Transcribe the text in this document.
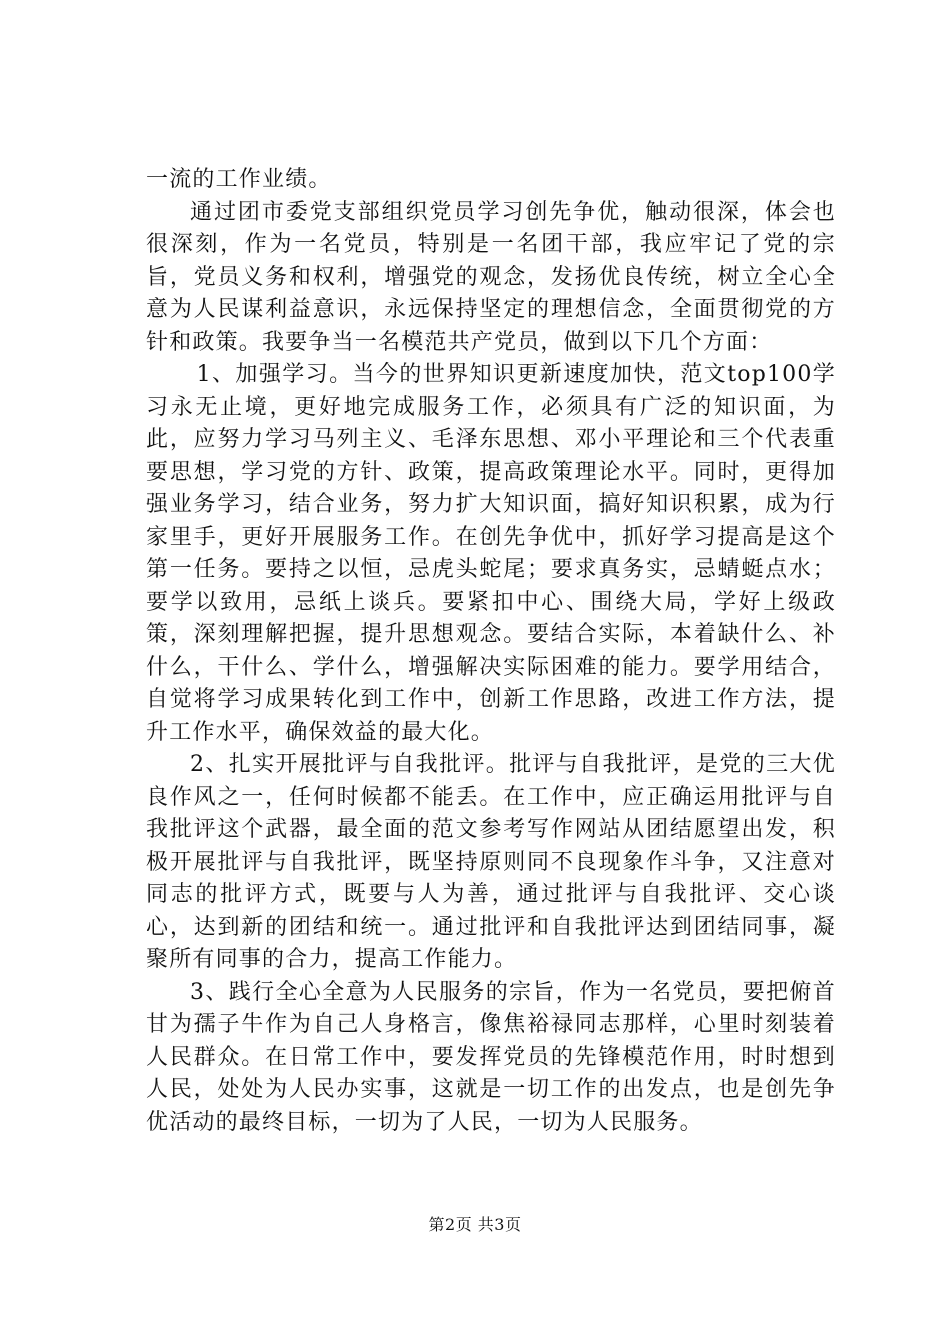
一流的工作业绩。

通过团市委党支部组织党员学习创先争优，触动很深，体会也很深刻，作为一名党员，特别是一名团干部，我应牢记了党的宗旨，党员义务和权利，增强党的观念，发扬优良传统，树立全心全意为人民谋利益意识，永远保持坚定的理想信念，全面贯彻党的方针和政策。我要争当一名模范共产党员，做到以下几个方面：

1、加强学习。当今的世界知识更新速度加快，范文top100学习永无止境，更好地完成服务工作，必须具有广泛的知识面，为此，应努力学习马列主义、毛泽东思想、邓小平理论和三个代表重要思想，学习党的方针、政策，提高政策理论水平。同时，更得加强业务学习，结合业务，努力扩大知识面，搞好知识积累，成为行家里手，更好开展服务工作。在创先争优中，抓好学习提高是这个第一任务。要持之以恒，忌虎头蛇尾；要求真务实，忌蜻蜓点水；要学以致用，忌纸上谈兵。要紧扣中心、围绕大局，学好上级政策，深刻理解把握，提升思想观念。要结合实际，本着缺什么、补什么，干什么、学什么，增强解决实际困难的能力。要学用结合，自觉将学习成果转化到工作中，创新工作思路，改进工作方法，提升工作水平，确保效益的最大化。

2、扎实开展批评与自我批评。批评与自我批评，是党的三大优良作风之一，任何时候都不能丢。在工作中，应正确运用批评与自我批评这个武器，最全面的范文参考写作网站从团结愿望出发，积极开展批评与自我批评，既坚持原则同不良现象作斗争，又注意对同志的批评方式，既要与人为善，通过批评与自我批评、交心谈心，达到新的团结和统一。通过批评和自我批评达到团结同事，凝聚所有同事的合力，提高工作能力。

3、践行全心全意为人民服务的宗旨，作为一名党员，要把俯首甘为孺子牛作为自己人身格言，像焦裕禄同志那样，心里时刻装着人民群众。在日常工作中，要发挥党员的先锋模范作用，时时想到人民，处处为人民办实事，这就是一切工作的出发点，也是创先争优活动的最终目标，一切为了人民，一切为人民服务。

第2页 共3页
